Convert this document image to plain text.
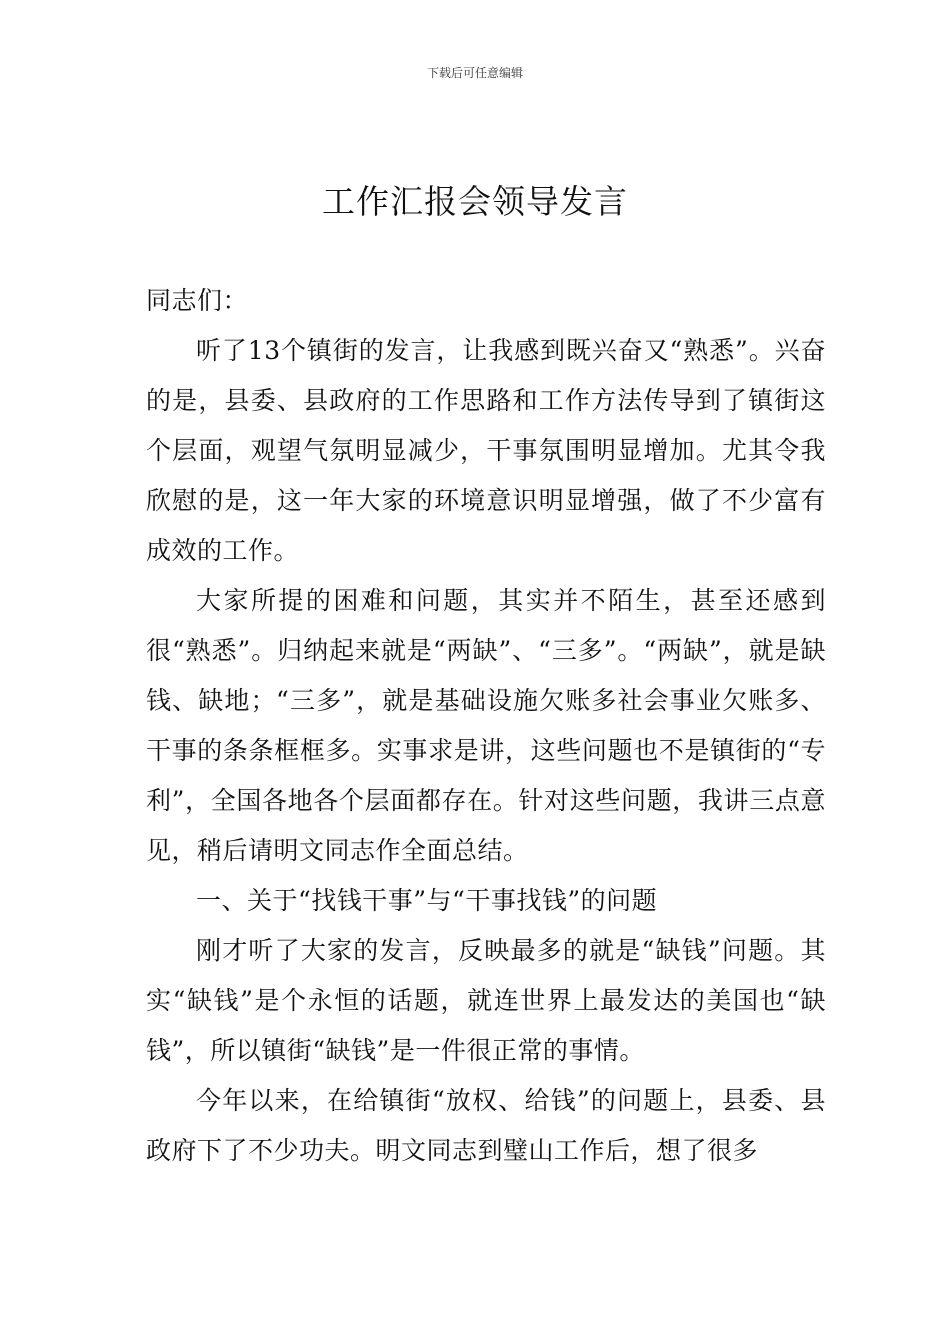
下载后可任意编辑
工作汇报会领导发言

同志们：

听了13个镇街的发言，让我感到既兴奋又“熟悉”。兴奋的是，县委、县政府的工作思路和工作方法传导到了镇街这个层面，观望气氛明显减少，干事氛围明显增加。尤其令我欣慰的是，这一年大家的环境意识明显增强，做了不少富有成效的工作。

大家所提的困难和问题，其实并不陌生，甚至还感到很“熟悉”。归纳起来就是“两缺”、“三多”。“两缺”，就是缺钱、缺地；“三多”，就是基础设施欠账多社会事业欠账多、干事的条条框框多。实事求是讲，这些问题也不是镇街的“专利”，全国各地各个层面都存在。针对这些问题，我讲三点意见，稍后请明文同志作全面总结。

一、关于“找钱干事”与“干事找钱”的问题

刚才听了大家的发言，反映最多的就是“缺钱”问题。其实“缺钱”是个永恒的话题，就连世界上最发达的美国也“缺钱”，所以镇街“缺钱”是一件很正常的事情。

今年以来，在给镇街“放权、给钱”的问题上，县委、县政府下了不少功夫。明文同志到璧山工作后，想了很多
